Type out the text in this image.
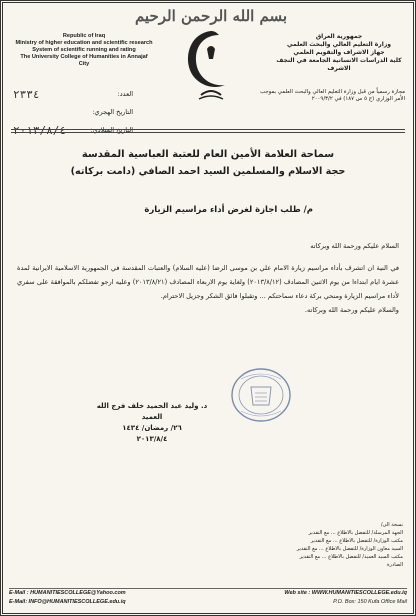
بسم الله الرحمن الرحيم
Republic of Iraq
Ministry of higher education and scientific research
System of scientific running and rating
The University College of Humanities in Annajaf
City
جمهورية العراق
وزارة التعليم العالي والبحث العلمي
جهاز الاشراف والتقويم العلمي
كلية الدراسات الانسانية الجامعة في النجف الاشرف
العدد:
٢٣٣٤
التاريخ الهجري:
التاريخ الميلادي:
٢٠١٣/٨/٤
مجازة رسمياً من قبل وزارة التعليم العالي والبحث العلمي بموجب الأمر الوزاري (ج ٥ س ١٨٧) في ٢٠٠٩/٣/٢
سماحة العلامة الأمين العام للعتبة العباسية المقدسة
حجة الاسلام والمسلمين السيد احمد الصافي (دامت بركاته)
م/ طلب اجازة لغرض أداء مراسيم الزيارة

السلام عليكم ورحمة الله وبركاته

في النية ان اتشرف بأداء مراسيم زيارة الامام علي بن موسى الرضا (عليه السلام) والعتبات المقدسة في الجمهورية الاسلامية الايرانية لمدة عشرة ايام ابتداءا من يوم الاثنين المصادف (٢٠١٣/٨/١٢) ولغاية يوم الاربعاء المصادف (٢٠١٣/٨/٢١) وعليه ارجو تفضلكم بالموافقة على سفري لأداء مراسيم الزيارة ومنحي بركة دعاء سماحتكم ... وتقبلوا فائق الشكر وجزيل الاحترام.

والسلام عليكم ورحمة الله وبركاته.

د. وليد عبد الحميد خلف فرج الله
العميد
٢٦/ رمضان/ ١٤٣٤
٢٠١٣/٨/٤
نسخة الى/
الجهة المرسلة/ للتفضل بالاطلاع ... مع التقدير
مكتب الوزارة/ للتفضل بالاطلاع ... مع التقدير
السيد معاون الوزارة/ للتفضل بالاطلاع ... مع التقدير
مكتب السيد العميد/ للتفضل بالاطلاع ... مع التقدير
الصادرة
E-Mail : HUMANITIESCOLLEGE@Yahoo.com	Web site : WWW.HUMANITIESCOLLEGE.edu.iq
E-Mail: INFO@HUMANITIESCOLLEGE.edu.iq	P.O. Box: 150 Kufa Office Mail
